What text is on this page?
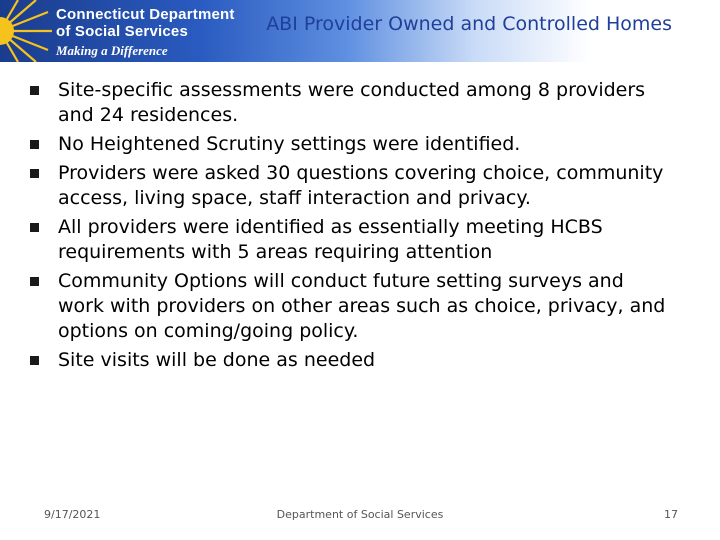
Connecticut Department
of Social Services
Making a Difference
ABI Provider Owned and Controlled Homes
Site-specific assessments were conducted among 8 providers and 24 residences.
No Heightened Scrutiny settings were identified.
Providers were asked 30 questions covering choice, community access, living space, staff interaction and privacy.
All providers were identified as essentially meeting HCBS requirements with 5 areas requiring attention
Community Options will conduct future setting surveys and work with providers on other areas such as choice, privacy, and options on coming/going policy.
Site visits will be done as needed
9/17/2021	Department of Social Services	17
